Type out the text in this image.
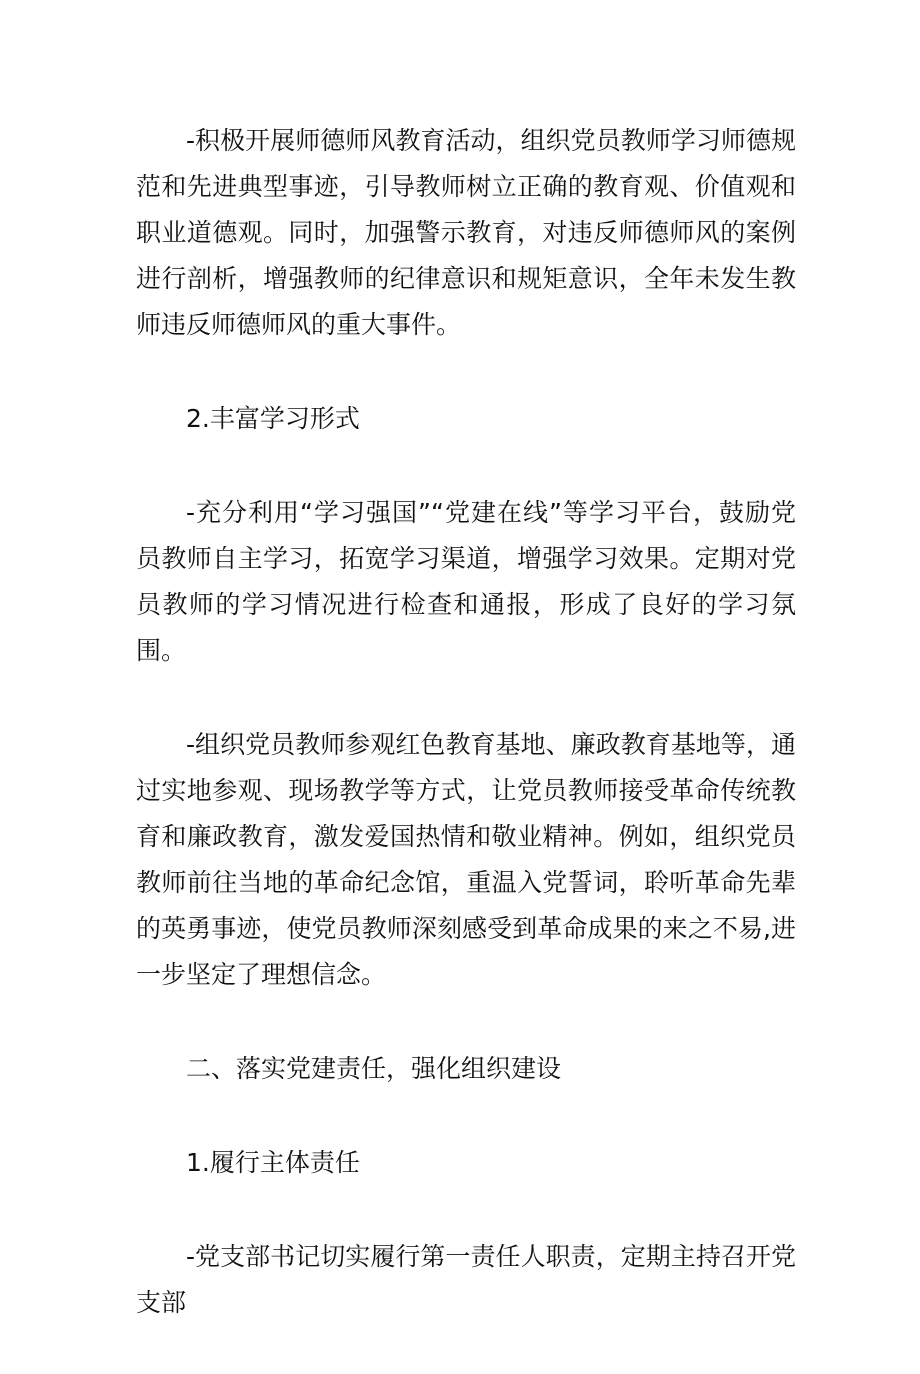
-积极开展师德师风教育活动，组织党员教师学习师德规范和先进典型事迹，引导教师树立正确的教育观、价值观和职业道德观。同时，加强警示教育，对违反师德师风的案例进行剖析，增强教师的纪律意识和规矩意识，全年未发生教师违反师德师风的重大事件。

2.丰富学习形式

-充分利用“学习强国”“党建在线”等学习平台，鼓励党员教师自主学习，拓宽学习渠道，增强学习效果。定期对党员教师的学习情况进行检查和通报，形成了良好的学习氛围。

-组织党员教师参观红色教育基地、廉政教育基地等，通过实地参观、现场教学等方式，让党员教师接受革命传统教育和廉政教育，激发爱国热情和敬业精神。例如，组织党员教师前往当地的革命纪念馆，重温入党誓词，聆听革命先辈的英勇事迹，使党员教师深刻感受到革命成果的来之不易,进一步坚定了理想信念。

二、落实党建责任，强化组织建设

1.履行主体责任

-党支部书记切实履行第一责任人职责，定期主持召开党支部
